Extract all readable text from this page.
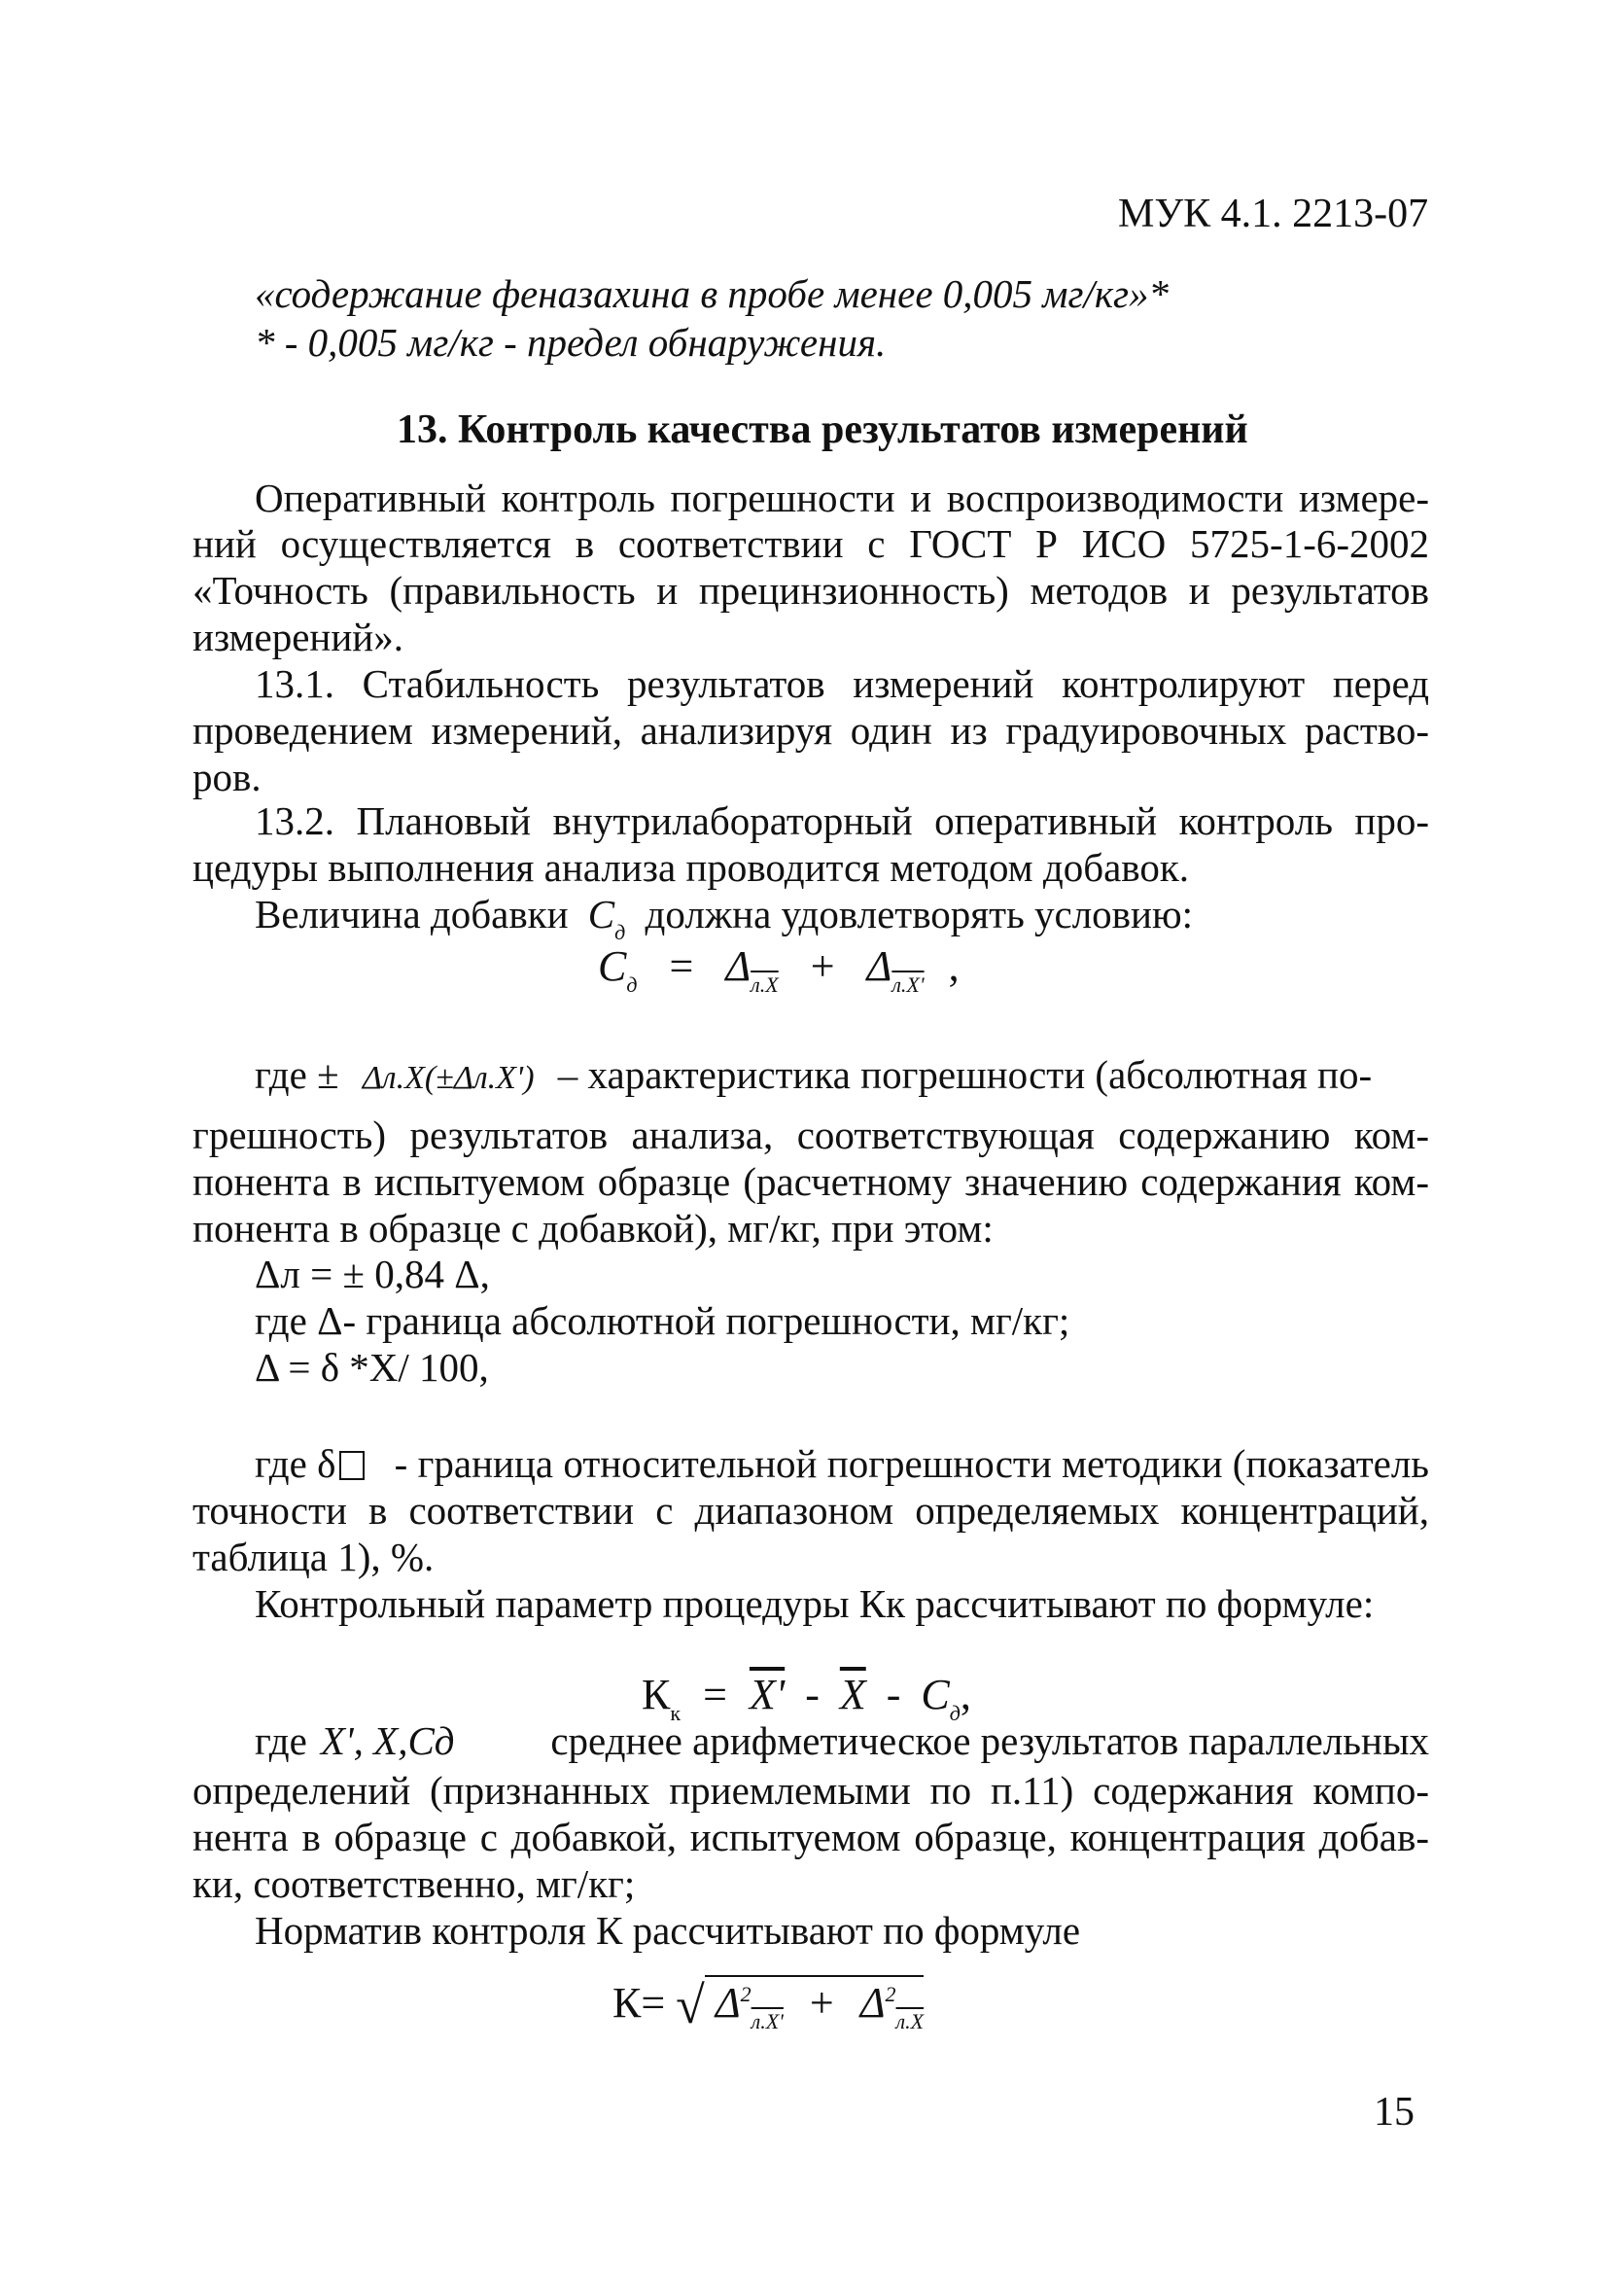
МУК 4.1. 2213-07
«содержание феназахина в пробе менее 0,005 мг/кг»*
* - 0,005 мг/кг - предел обнаружения.
13. Контроль качества результатов измерений
Оперативный контроль погрешности и воспроизводимости измере-
ний осуществляется в соответствии с ГОСТ Р ИСО 5725-1-6-2002
«Точность (правильность и прецинзионность) методов и результатов
измерений».
13.1. Стабильность результатов измерений контролируют перед
проведением измерений, анализируя один из градуировочных раство-
ров.
13.2. Плановый внутрилабораторный оперативный контроль про-
цедуры выполнения анализа проводится методом добавок.
Величина добавки $C_д$ должна удовлетворять условию:
$C_д = \Delta_{л.X} + \Delta_{л.X'}$ ,
где ± Δл.X(±Δл.X') – характеристика погрешности (абсолютная по-
грешность) результатов анализа, соответствующая содержанию ком-
понента в испытуемом образце (расчетному значению содержания ком-
понента в образце с добавкой), мг/кг, при этом:
Δл = ± 0,84 Δ,
где Δ- граница абсолютной погрешности, мг/кг;
Δ = δ *X/ 100,
где δ	- граница относительной погрешности методики (показатель
точности в соответствии с диапазоном определяемых концентраций,
таблица 1), %.
Контрольный параметр процедуры Кк рассчитывают по формуле:
$К_к = X' - \overline{X} - C_д$,
где X', X,Cд среднее арифметическое результатов параллельных
определений (признанных приемлемыми по п.11) содержания компо-
нента в образце с добавкой, испытуемом образце, концентрация добав-
ки, соответственно, мг/кг;
Норматив контроля К рассчитывают по формуле
К= √ $\Delta^2_{л.X'} + \Delta^2_{л.X}$
15
